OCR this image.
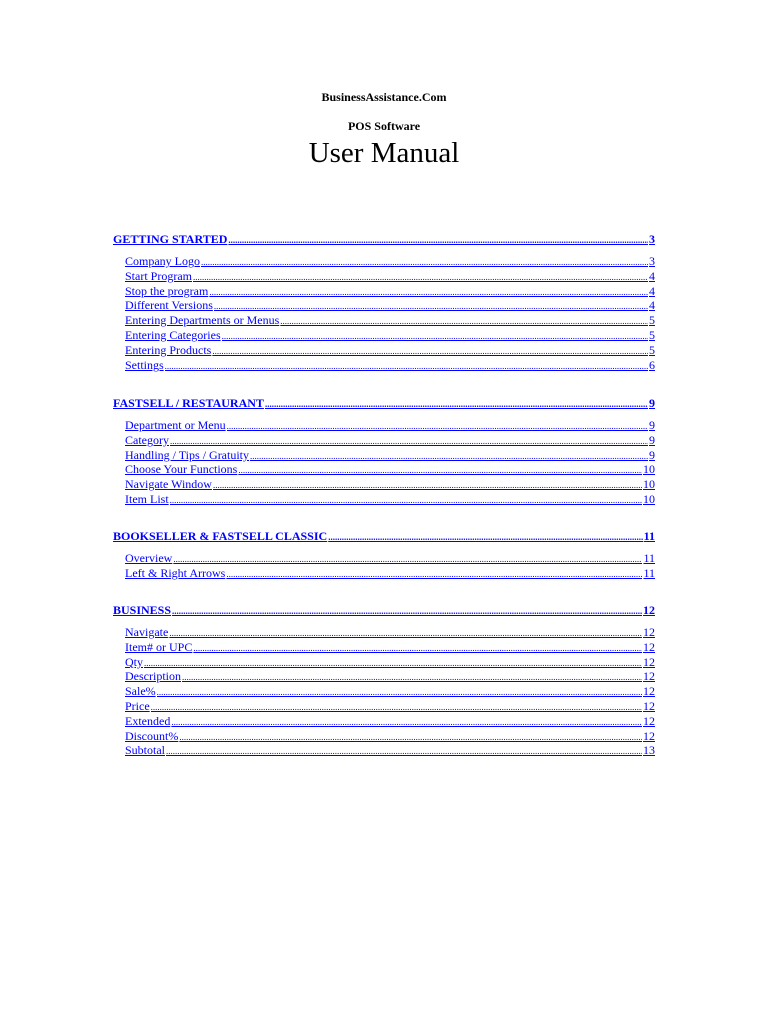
BusinessAssistance.Com
POS Software
User Manual
GETTING STARTED .....	3
Company Logo .....	3
Start Program .....	4
Stop the program .....	4
Different Versions .....	4
Entering Departments or Menus .....	5
Entering Categories .....	5
Entering Products .....	5
Settings .....	6
FASTSELL / RESTAURANT .....	9
Department or Menu .....	9
Category .....	9
Handling / Tips / Gratuity .....	9
Choose Your Functions .....	10
Navigate Window .....	10
Item List .....	10
BOOKSELLER & FASTSELL CLASSIC .....	11
Overview .....	11
Left & Right Arrows .....	11
BUSINESS .....	12
Navigate .....	12
Item# or UPC .....	12
Qty .....	12
Description .....	12
Sale% .....	12
Price .....	12
Extended .....	12
Discount% .....	12
Subtotal .....	13
